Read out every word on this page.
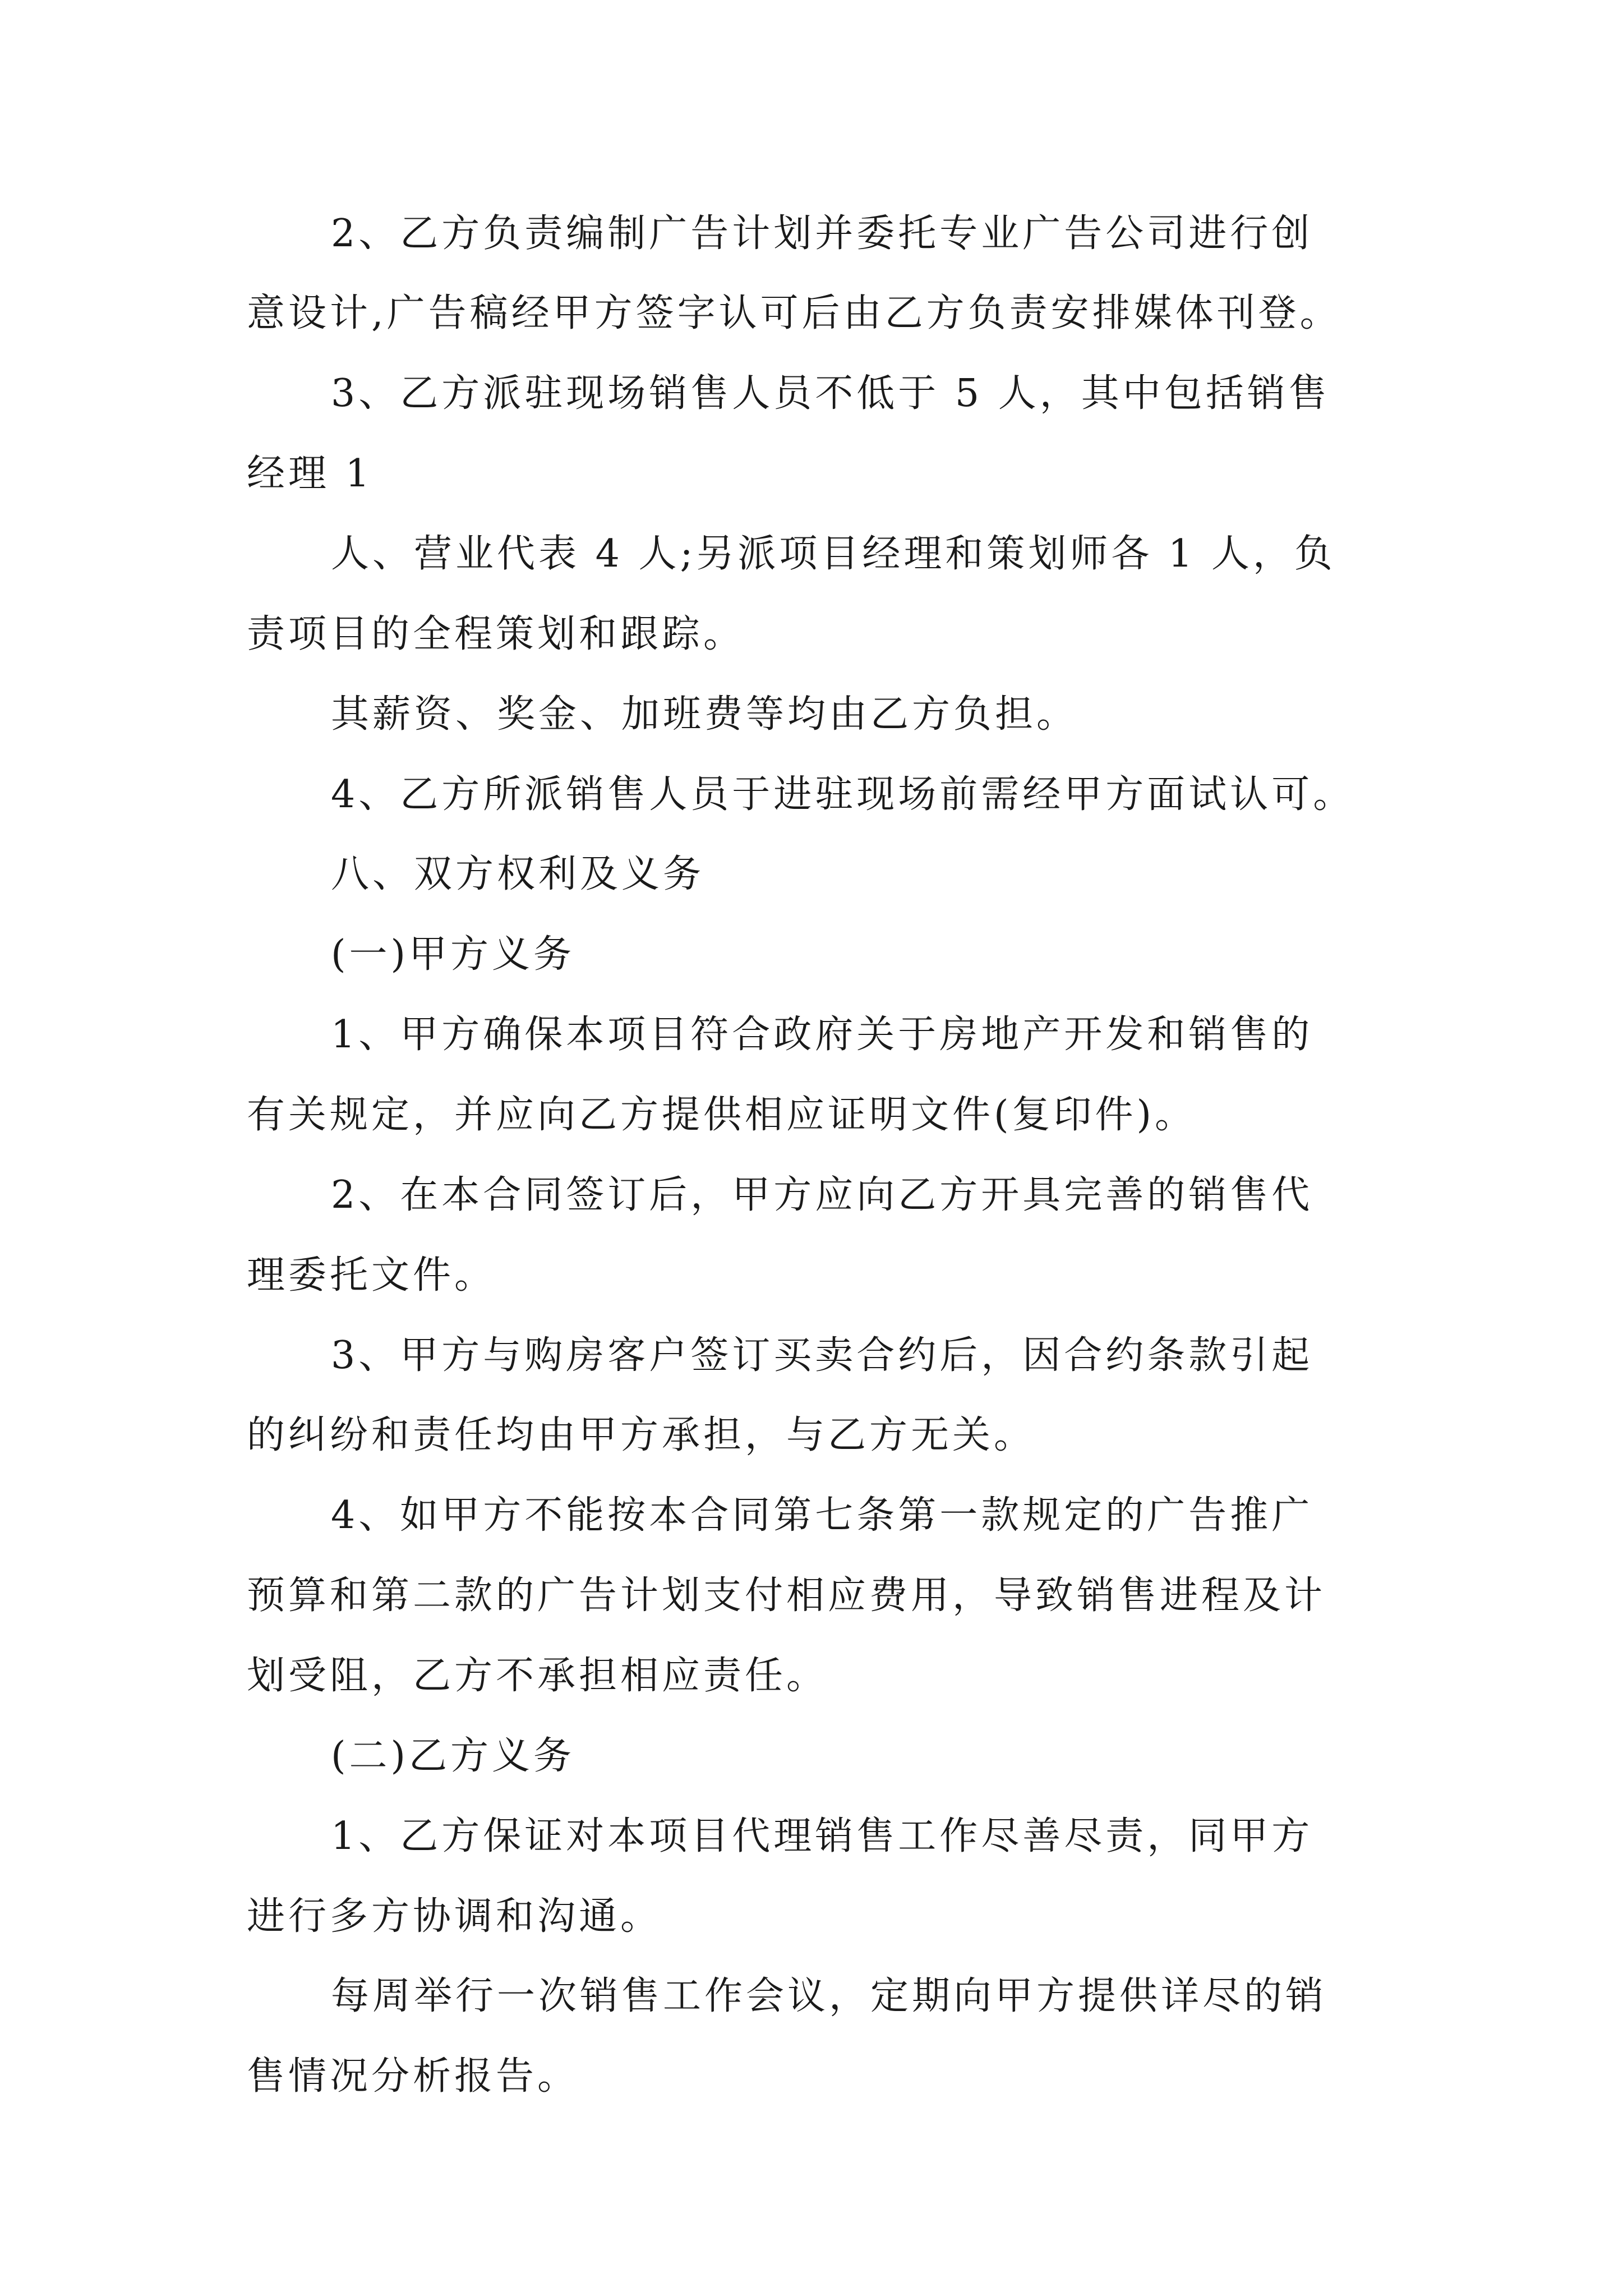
2、乙方负责编制广告计划并委托专业广告公司进行创
意设计,广告稿经甲方签字认可后由乙方负责安排媒体刊登。
3、乙方派驻现场销售人员不低于 5 人，其中包括销售
经理 1
人、营业代表 4 人;另派项目经理和策划师各 1 人，负
责项目的全程策划和跟踪。
其薪资、奖金、加班费等均由乙方负担。
4、乙方所派销售人员于进驻现场前需经甲方面试认可。
八、双方权利及义务
(一)甲方义务
1、甲方确保本项目符合政府关于房地产开发和销售的
有关规定，并应向乙方提供相应证明文件(复印件)。
2、在本合同签订后，甲方应向乙方开具完善的销售代
理委托文件。
3、甲方与购房客户签订买卖合约后，因合约条款引起
的纠纷和责任均由甲方承担，与乙方无关。
4、如甲方不能按本合同第七条第一款规定的广告推广
预算和第二款的广告计划支付相应费用，导致销售进程及计
划受阻，乙方不承担相应责任。
(二)乙方义务
1、乙方保证对本项目代理销售工作尽善尽责，同甲方
进行多方协调和沟通。
每周举行一次销售工作会议，定期向甲方提供详尽的销
售情况分析报告。
